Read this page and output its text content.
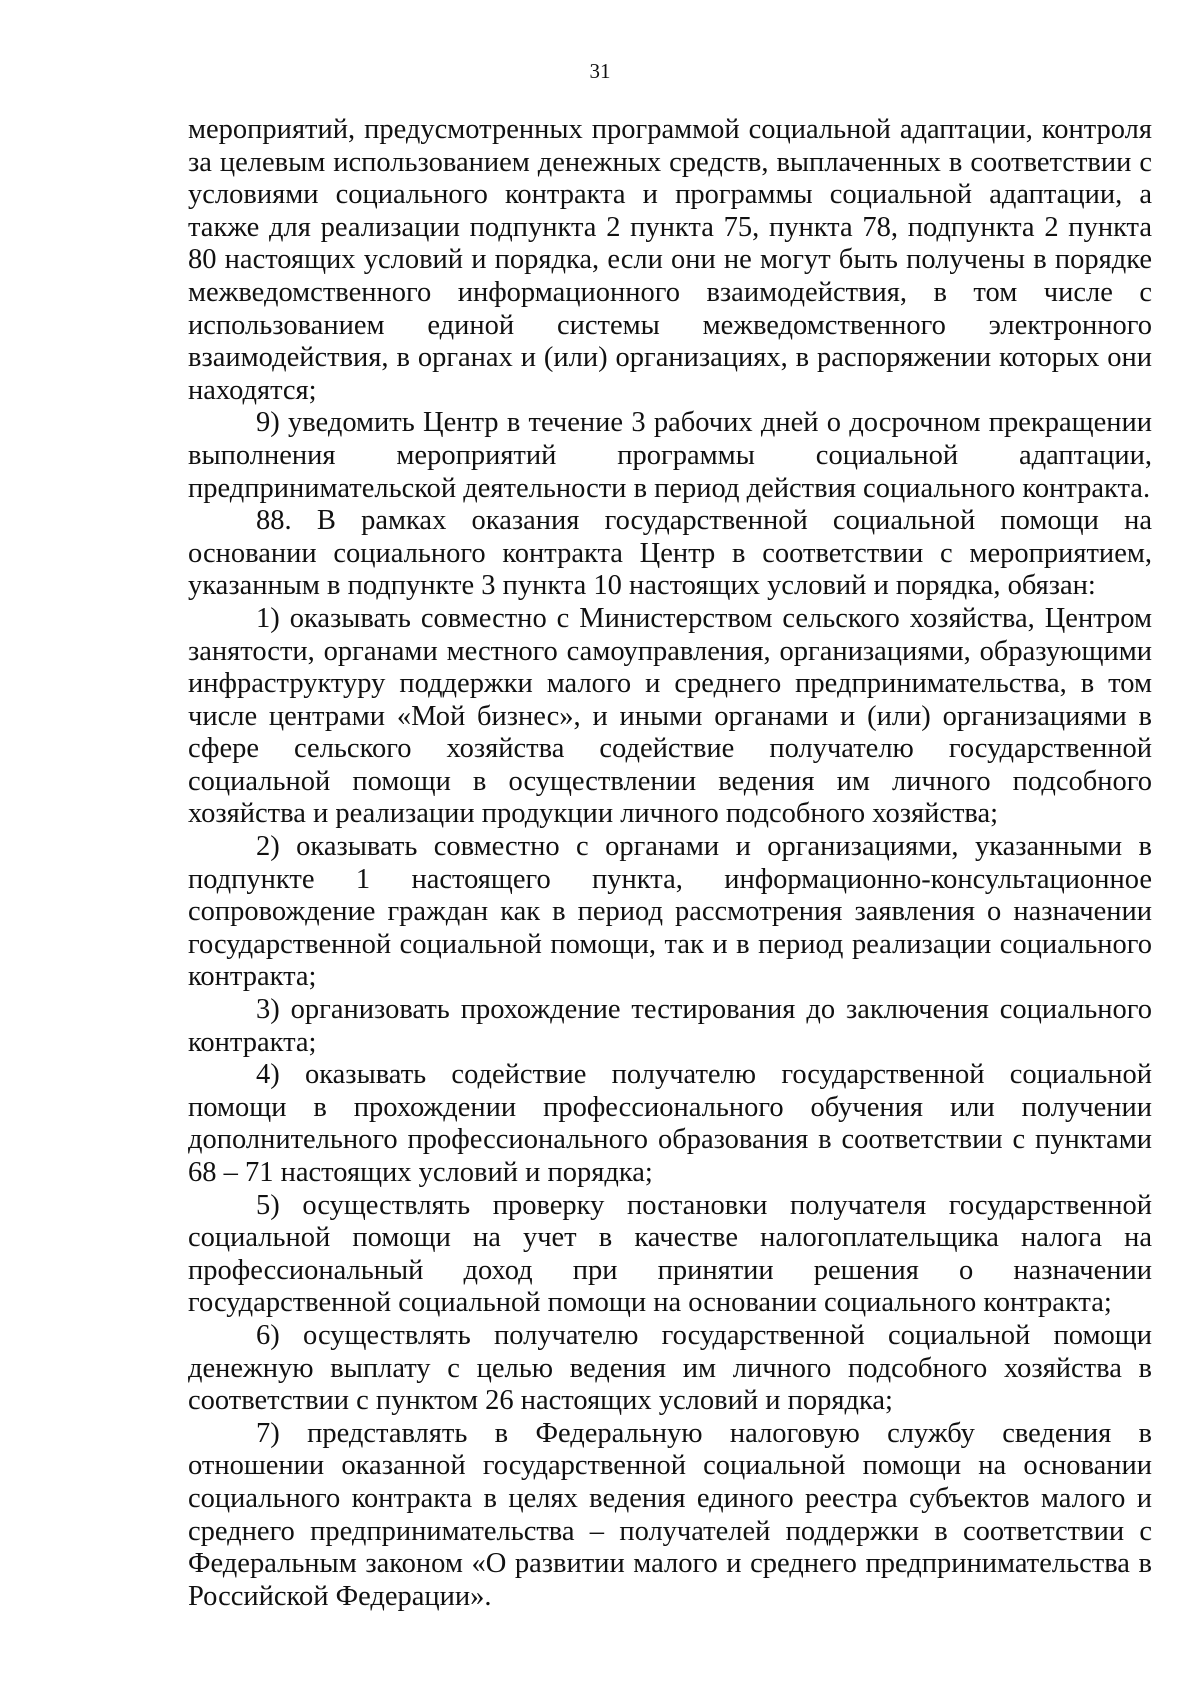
31

мероприятий, предусмотренных программой социальной адаптации, контроля за целевым использованием денежных средств, выплаченных в соответствии с условиями социального контракта и программы социальной адаптации, а также для реализации подпункта 2 пункта 75, пункта 78, подпункта 2 пункта 80 настоящих условий и порядка, если они не могут быть получены в порядке межведомственного информационного взаимодействия, в том числе с использованием единой системы межведомственного электронного взаимодействия, в органах и (или) организациях, в распоряжении которых они находятся;

9) уведомить Центр в течение 3 рабочих дней о досрочном прекращении выполнения мероприятий программы социальной адаптации, предпринимательской деятельности в период действия социального контракта.

88. В рамках оказания государственной социальной помощи на основании социального контракта Центр в соответствии с мероприятием, указанным в подпункте 3 пункта 10 настоящих условий и порядка, обязан:

1) оказывать совместно с Министерством сельского хозяйства, Центром занятости, органами местного самоуправления, организациями, образующими инфраструктуру поддержки малого и среднего предпринимательства, в том числе центрами «Мой бизнес», и иными органами и (или) организациями в сфере сельского хозяйства содействие получателю государственной социальной помощи в осуществлении ведения им личного подсобного хозяйства и реализации продукции личного подсобного хозяйства;

2) оказывать совместно с органами и организациями, указанными в подпункте 1 настоящего пункта, информационно-консультационное сопровождение граждан как в период рассмотрения заявления о назначении государственной социальной помощи, так и в период реализации социального контракта;

3) организовать прохождение тестирования до заключения социального контракта;

4) оказывать содействие получателю государственной социальной помощи в прохождении профессионального обучения или получении дополнительного профессионального образования в соответствии с пунктами 68 – 71 настоящих условий и порядка;

5) осуществлять проверку постановки получателя государственной социальной помощи на учет в качестве налогоплательщика налога на профессиональный доход при принятии решения о назначении государственной социальной помощи на основании социального контракта;

6) осуществлять получателю государственной социальной помощи денежную выплату с целью ведения им личного подсобного хозяйства в соответствии с пунктом 26 настоящих условий и порядка;

7) представлять в Федеральную налоговую службу сведения в отношении оказанной государственной социальной помощи на основании социального контракта в целях ведения единого реестра субъектов малого и среднего предпринимательства – получателей поддержки в соответствии с Федеральным законом «О развитии малого и среднего предпринимательства в Российской Федерации».
